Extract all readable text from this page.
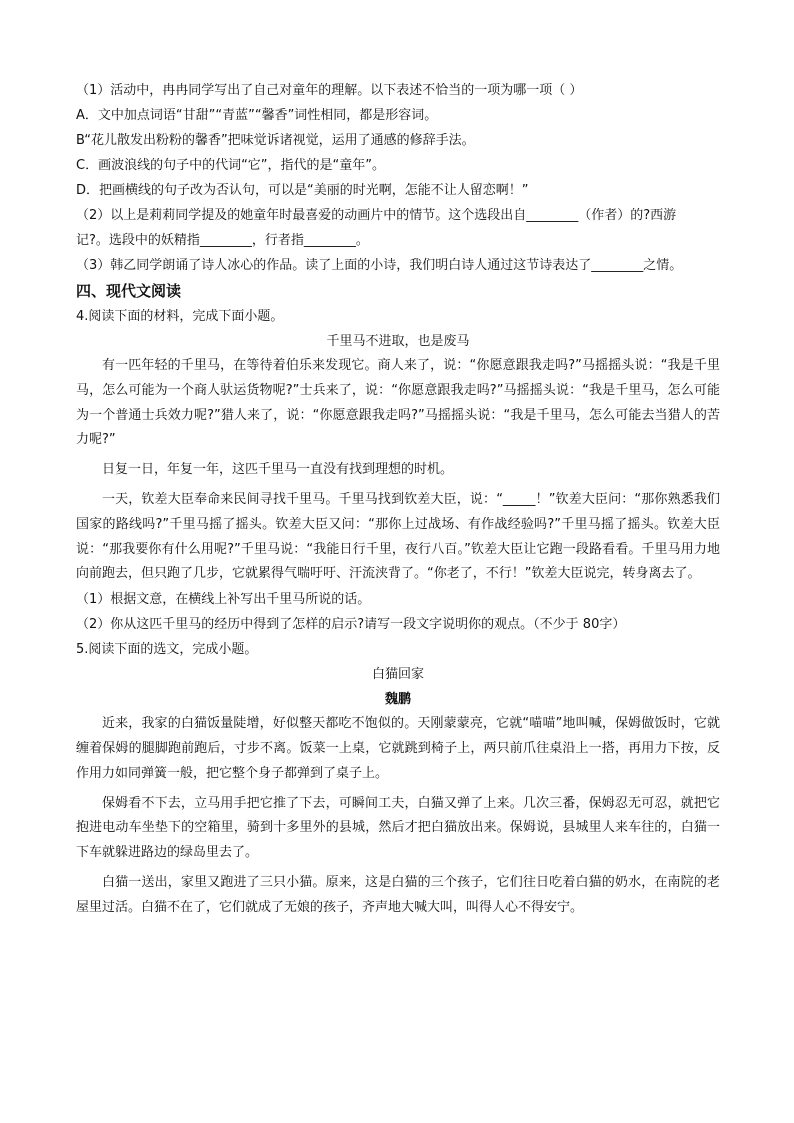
（1）活动中，冉冉同学写出了自己对童年的理解。以下表述不恰当的一项为哪一项（ ）

A．文中加点词语“甘甜”“青蓝”“馨香”词性相同，都是形容词。

B“花儿散发出粉粉的馨香”把味觉诉诸视觉，运用了通感的修辞手法。

C．画波浪线的句子中的代词“它”，指代的是“童年”。

D．把画横线的句子改为否认句，可以是“美丽的时光啊，怎能不让人留恋啊！”

（2）以上是莉莉同学提及的她童年时最喜爱的动画片中的情节。这个选段出自________（作者）的?西游

记?。选段中的妖精指________，行者指________。

（3）韩乙同学朗诵了诗人冰心的作品。读了上面的小诗，我们明白诗人通过这节诗表达了________之情。

四、现代文阅读

4.阅读下面的材料，完成下面小题。

千里马不进取，也是废马

有一匹年轻的千里马，在等待着伯乐来发现它。商人来了，说：“你愿意跟我走吗?”马摇摇头说：“我是千里马，怎么可能为一个商人驮运货物呢?”士兵来了，说：“你愿意跟我走吗?”马摇摇头说：“我是千里马，怎么可能为一个普通士兵效力呢?”猎人来了，说：“你愿意跟我走吗?”马摇摇头说：“我是千里马，怎么可能去当猎人的苦力呢?”

日复一日，年复一年，这匹千里马一直没有找到理想的时机。

一天，钦差大臣奉命来民间寻找千里马。千里马找到钦差大臣，说：“_____！”钦差大臣问：“那你熟悉我们国家的路线吗?”千里马摇了摇头。钦差大臣又问：“那你上过战场、有作战经验吗?”千里马摇了摇头。钦差大臣说：“那我要你有什么用呢?”千里马说：“我能日行千里，夜行八百。”钦差大臣让它跑一段路看看。千里马用力地向前跑去，但只跑了几步，它就累得气喘吁吁、汗流浃背了。“你老了，不行！”钦差大臣说完，转身离去了。

（1）根据文意，在横线上补写出千里马所说的话。

（2）你从这匹千里马的经历中得到了怎样的启示?请写一段文字说明你的观点。（不少于 80字）

5.阅读下面的选文，完成小题。

白猫回家

魏鹏

近来，我家的白猫饭量陡增，好似整天都吃不饱似的。天刚蒙蒙亮，它就“喵喵”地叫喊，保姆做饭时，它就缠着保姆的腿脚跑前跑后，寸步不离。饭菜一上桌，它就跳到椅子上，两只前爪往桌沿上一搭，再用力下按，反作用力如同弹簧一般，把它整个身子都弹到了桌子上。

保姆看不下去，立马用手把它推了下去，可瞬间工夫，白猫又弹了上来。几次三番，保姆忍无可忍，就把它抱进电动车坐垫下的空箱里，骑到十多里外的县城，然后才把白猫放出来。保姆说，县城里人来车往的，白猫一下车就躲进路边的绿岛里去了。

白猫一送出，家里又跑进了三只小猫。原来，这是白猫的三个孩子，它们往日吃着白猫的奶水，在南院的老屋里过活。白猫不在了，它们就成了无娘的孩子，齐声地大喊大叫，叫得人心不得安宁。
